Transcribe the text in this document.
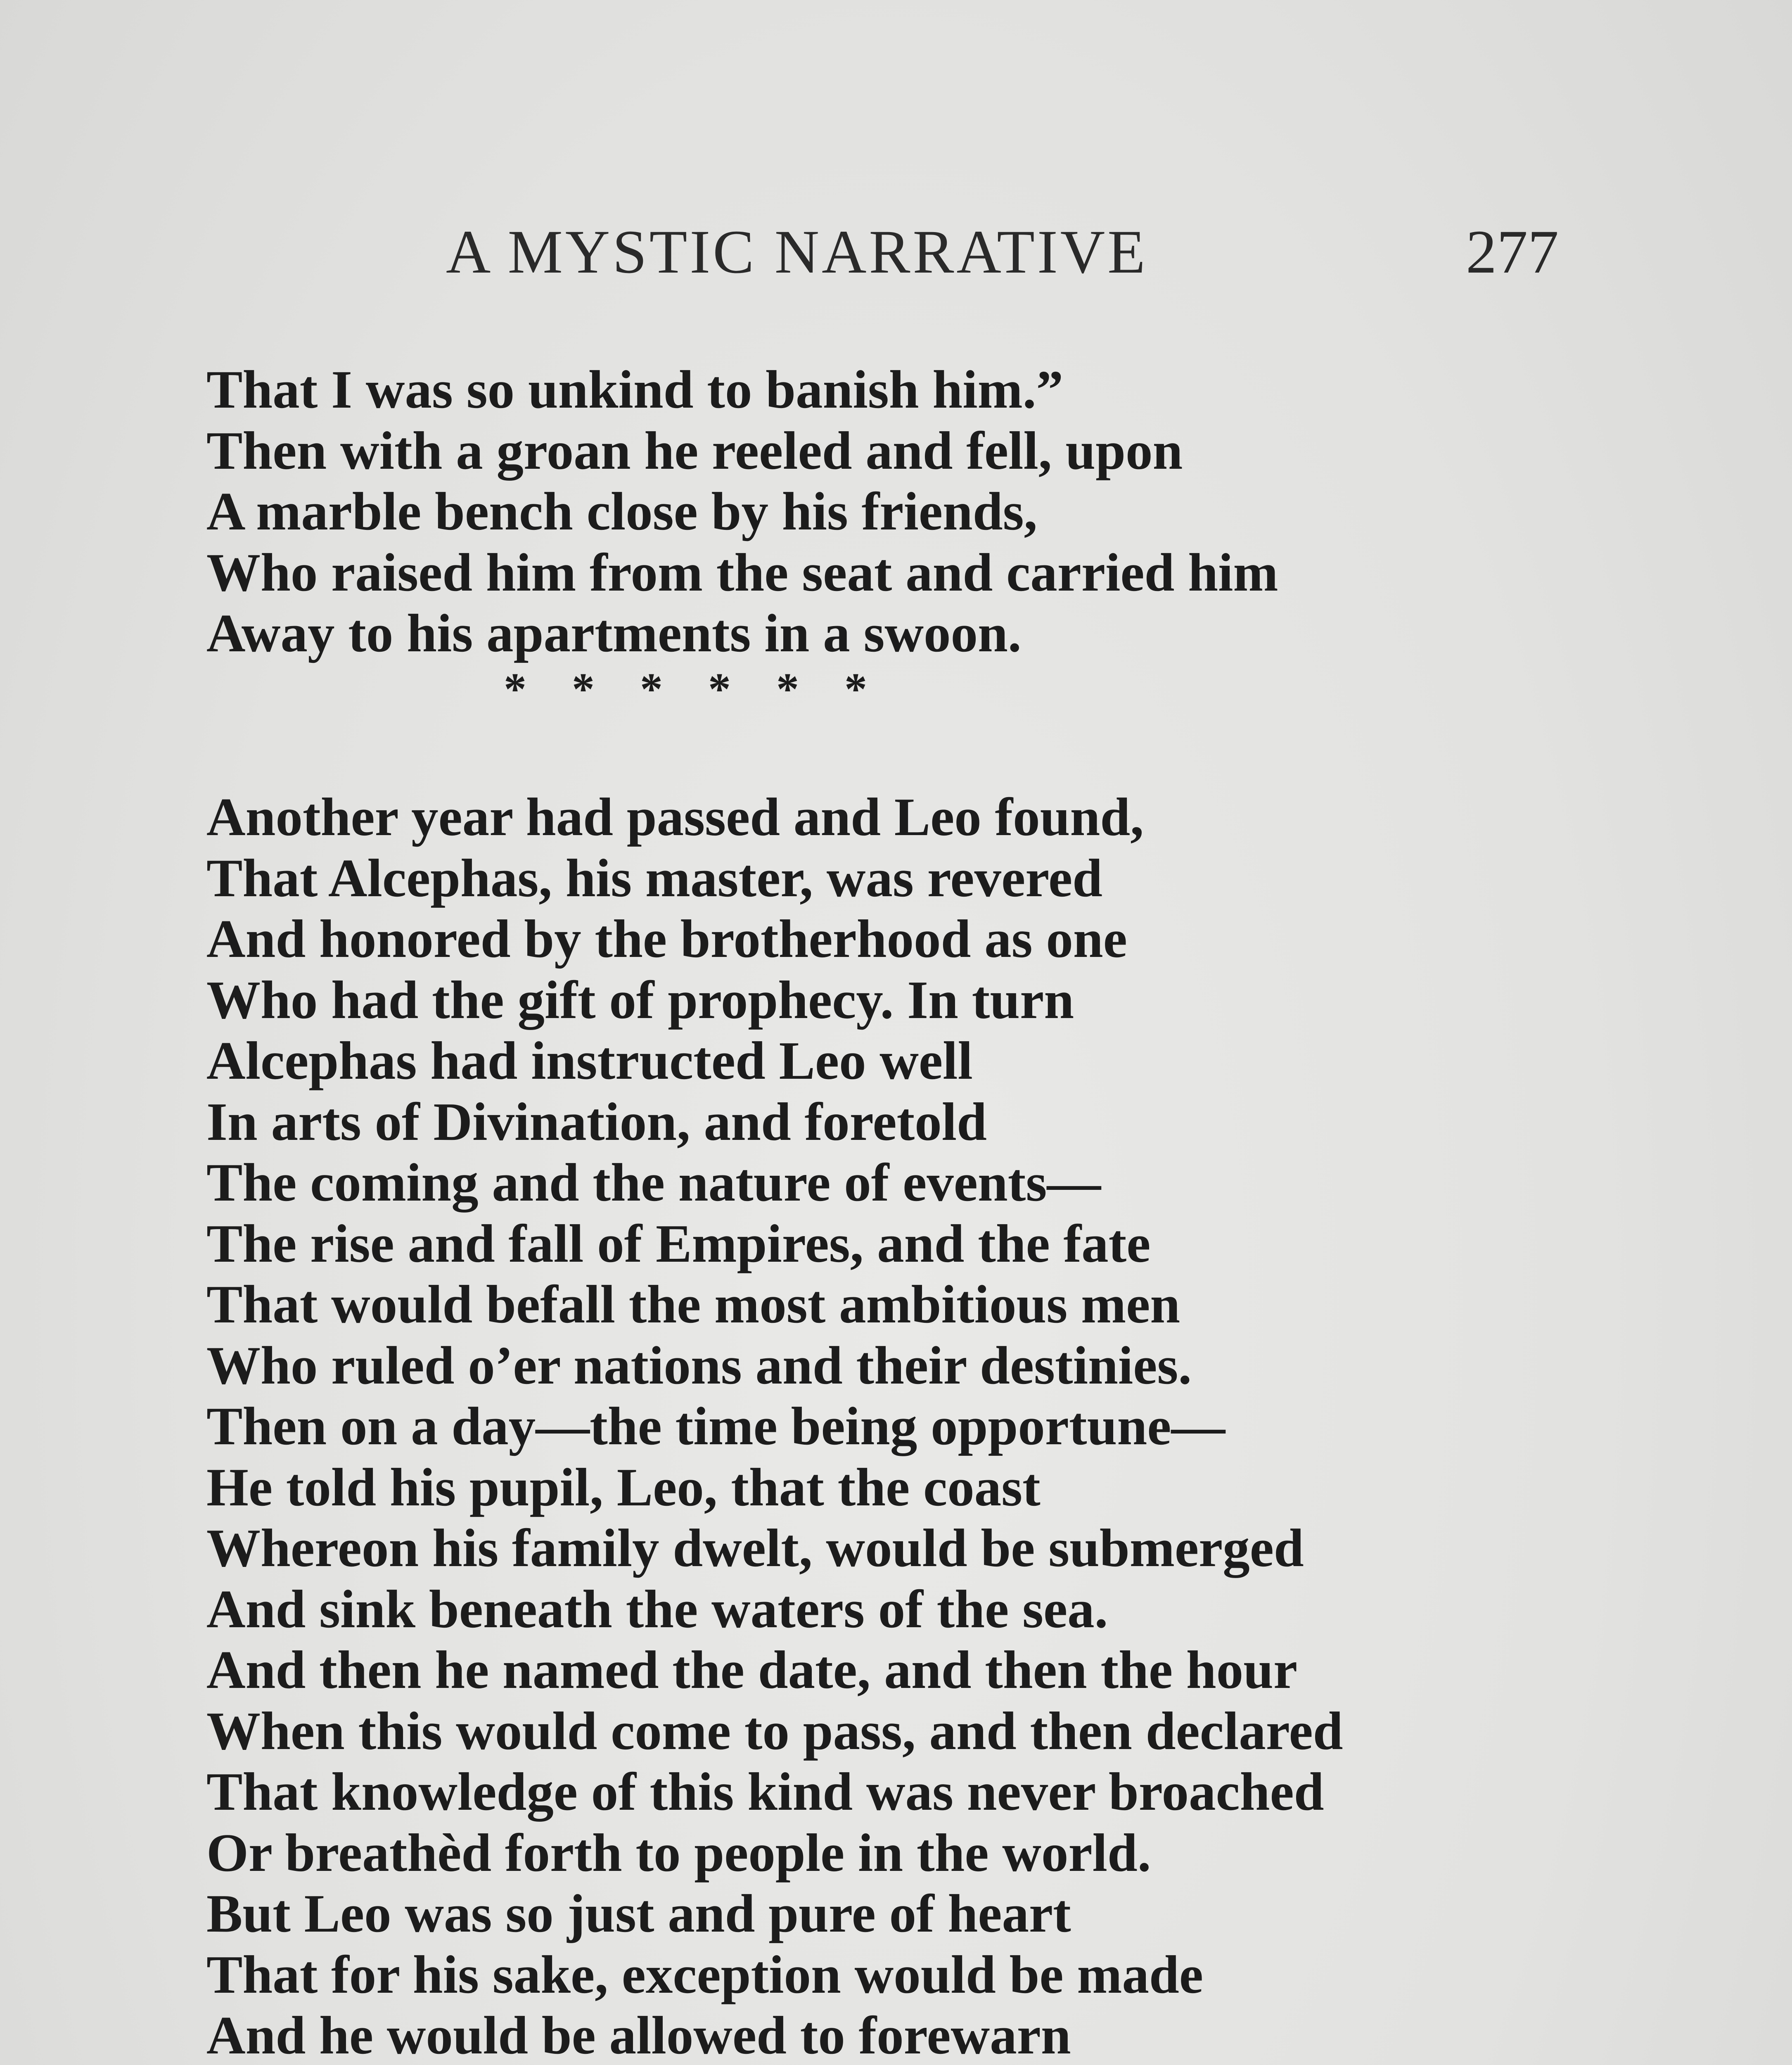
A MYSTIC NARRATIVE	277
That I was so unkind to banish him.”
Then with a groan he reeled and fell, upon
A marble bench close by his friends,
Who raised him from the seat and carried him
Away to his apartments in a swoon.
*    *    *    *    *    *
Another year had passed and Leo found,
That Alcephas, his master, was revered
And honored by the brotherhood as one
Who had the gift of prophecy. In turn
Alcephas had instructed Leo well
In arts of Divination, and foretold
The coming and the nature of events—
The rise and fall of Empires, and the fate
That would befall the most ambitious men
Who ruled o’er nations and their destinies.
Then on a day—the time being opportune—
He told his pupil, Leo, that the coast
Whereon his family dwelt, would be submerged
And sink beneath the waters of the sea.
And then he named the date, and then the hour
When this would come to pass, and then declared
That knowledge of this kind was never broached
Or breathèd forth to people in the world.
But Leo was so just and pure of heart
That for his sake, exception would be made
And he would be allowed to forewarn
